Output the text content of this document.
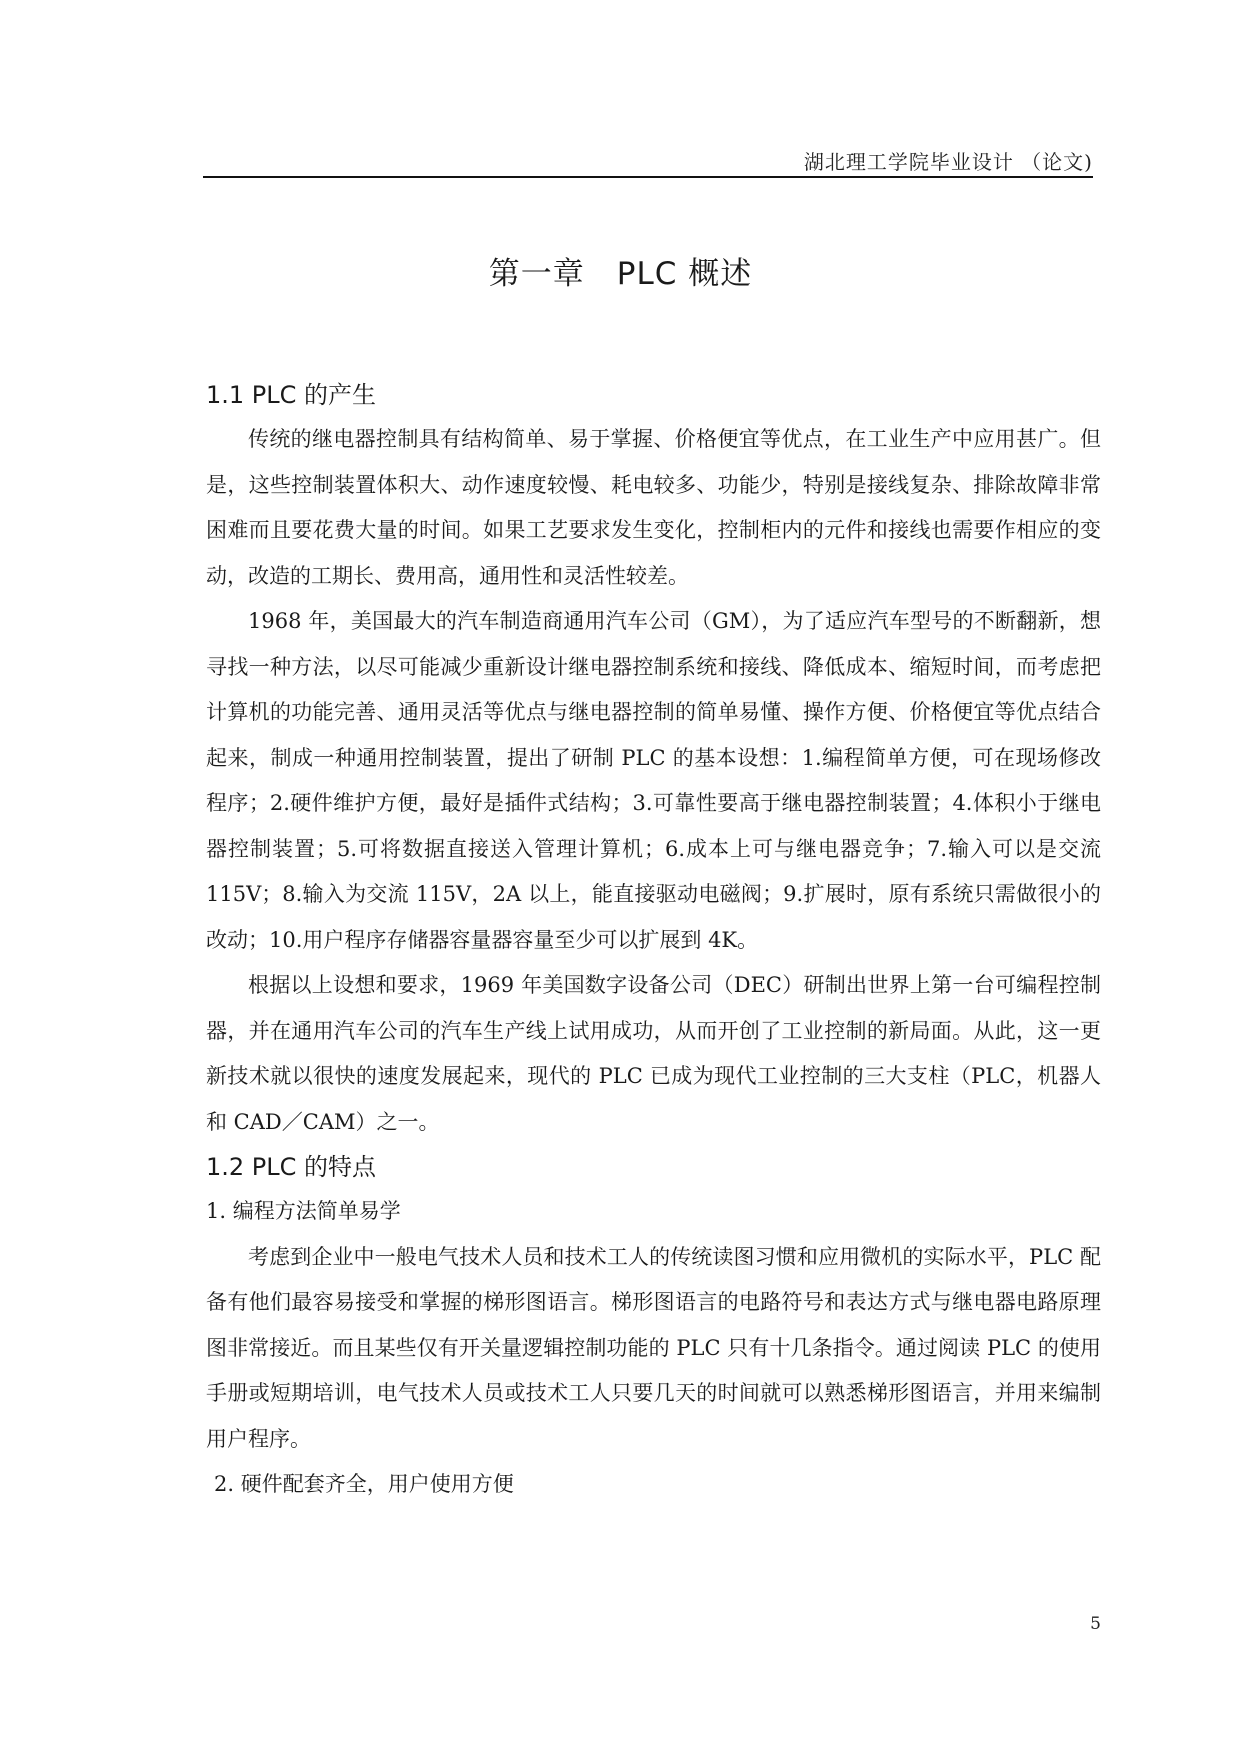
湖北理工学院毕业设计 （论文)
第一章　PLC 概述
1.1 PLC 的产生

传统的继电器控制具有结构简单、易于掌握、价格便宜等优点，在工业生产中应用甚广。但是，这些控制装置体积大、动作速度较慢、耗电较多、功能少，特别是接线复杂、排除故障非常困难而且要花费大量的时间。如果工艺要求发生变化，控制柜内的元件和接线也需要作相应的变动，改造的工期长、费用高，通用性和灵活性较差。

1968 年，美国最大的汽车制造商通用汽车公司（GM），为了适应汽车型号的不断翻新，想寻找一种方法，以尽可能减少重新设计继电器控制系统和接线、降低成本、缩短时间，而考虑把计算机的功能完善、通用灵活等优点与继电器控制的简单易懂、操作方便、价格便宜等优点结合起来，制成一种通用控制装置，提出了研制 PLC 的基本设想：1.编程简单方便，可在现场修改程序；2.硬件维护方便，最好是插件式结构；3.可靠性要高于继电器控制装置；4.体积小于继电器控制装置；5.可将数据直接送入管理计算机；6.成本上可与继电器竞争；7.输入可以是交流 115V；8.输入为交流 115V，2A 以上，能直接驱动电磁阀；9.扩展时，原有系统只需做很小的改动；10.用户程序存储器容量器容量至少可以扩展到 4K。

根据以上设想和要求，1969 年美国数字设备公司（DEC）研制出世界上第一台可编程控制器，并在通用汽车公司的汽车生产线上试用成功，从而开创了工业控制的新局面。从此，这一更新技术就以很快的速度发展起来，现代的 PLC 已成为现代工业控制的三大支柱（PLC，机器人和 CAD／CAM）之一。

1.2 PLC 的特点

1. 编程方法简单易学

考虑到企业中一般电气技术人员和技术工人的传统读图习惯和应用微机的实际水平，PLC 配备有他们最容易接受和掌握的梯形图语言。梯形图语言的电路符号和表达方式与继电器电路原理图非常接近。而且某些仅有开关量逻辑控制功能的 PLC 只有十几条指令。通过阅读 PLC 的使用手册或短期培训，电气技术人员或技术工人只要几天的时间就可以熟悉梯形图语言，并用来编制用户程序。

2. 硬件配套齐全，用户使用方便

5
